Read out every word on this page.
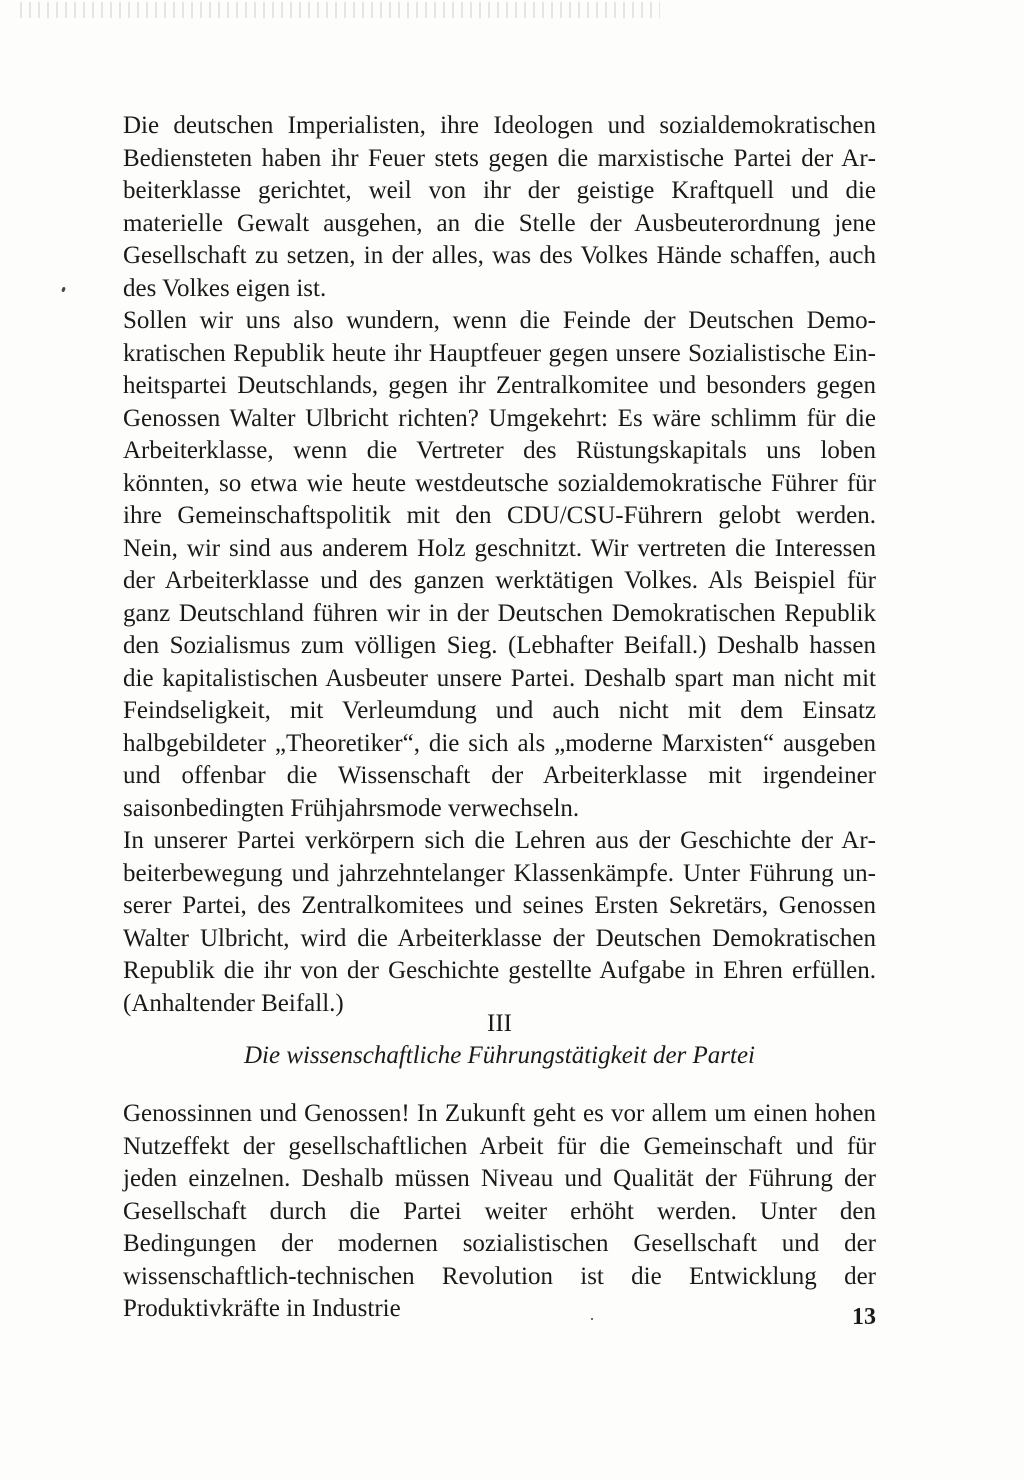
Die deutschen Imperialisten, ihre Ideologen und sozialdemokratischen Bediensteten haben ihr Feuer stets gegen die marxistische Partei der Arbeiterklasse gerichtet, weil von ihr der geistige Kraftquell und die materielle Gewalt ausgehen, an die Stelle der Ausbeuterordnung jene Gesellschaft zu setzen, in der alles, was des Volkes Hände schaffen, auch des Volkes eigen ist.

Sollen wir uns also wundern, wenn die Feinde der Deutschen Demokratischen Republik heute ihr Hauptfeuer gegen unsere Sozialistische Einheitspartei Deutschlands, gegen ihr Zentralkomitee und besonders gegen Genossen Walter Ulbricht richten? Umgekehrt: Es wäre schlimm für die Arbeiterklasse, wenn die Vertreter des Rüstungskapitals uns loben könnten, so etwa wie heute westdeutsche sozialdemokratische Führer für ihre Gemeinschaftspolitik mit den CDU/CSU-Führern gelobt werden. Nein, wir sind aus anderem Holz geschnitzt. Wir vertreten die Interessen der Arbeiterklasse und des ganzen werktätigen Volkes. Als Beispiel für ganz Deutschland führen wir in der Deutschen Demokratischen Republik den Sozialismus zum völligen Sieg. (Lebhafter Beifall.) Deshalb hassen die kapitalistischen Ausbeuter unsere Partei. Deshalb spart man nicht mit Feindseligkeit, mit Verleumdung und auch nicht mit dem Einsatz halbgebildeter „Theoretiker“, die sich als „moderne Marxisten“ ausgeben und offenbar die Wissenschaft der Arbeiterklasse mit irgendeiner saisonbedingten Frühjahrsmode verwechseln.

In unserer Partei verkörpern sich die Lehren aus der Geschichte der Arbeiterbewegung und jahrzehntelanger Klassenkämpfe. Unter Führung unserer Partei, des Zentralkomitees und seines Ersten Sekretärs, Genossen Walter Ulbricht, wird die Arbeiterklasse der Deutschen Demokratischen Republik die ihr von der Geschichte gestellte Aufgabe in Ehren erfüllen. (Anhaltender Beifall.)

III
Die wissenschaftliche Führungstätigkeit der Partei

Genossinnen und Genossen! In Zukunft geht es vor allem um einen hohen Nutzeffekt der gesellschaftlichen Arbeit für die Gemeinschaft und für jeden einzelnen. Deshalb müssen Niveau und Qualität der Führung der Gesellschaft durch die Partei weiter erhöht werden. Unter den Bedingungen der modernen sozialistischen Gesellschaft und der wissenschaftlich-technischen Revolution ist die Entwicklung der Produktivkräfte in Industrie	13
